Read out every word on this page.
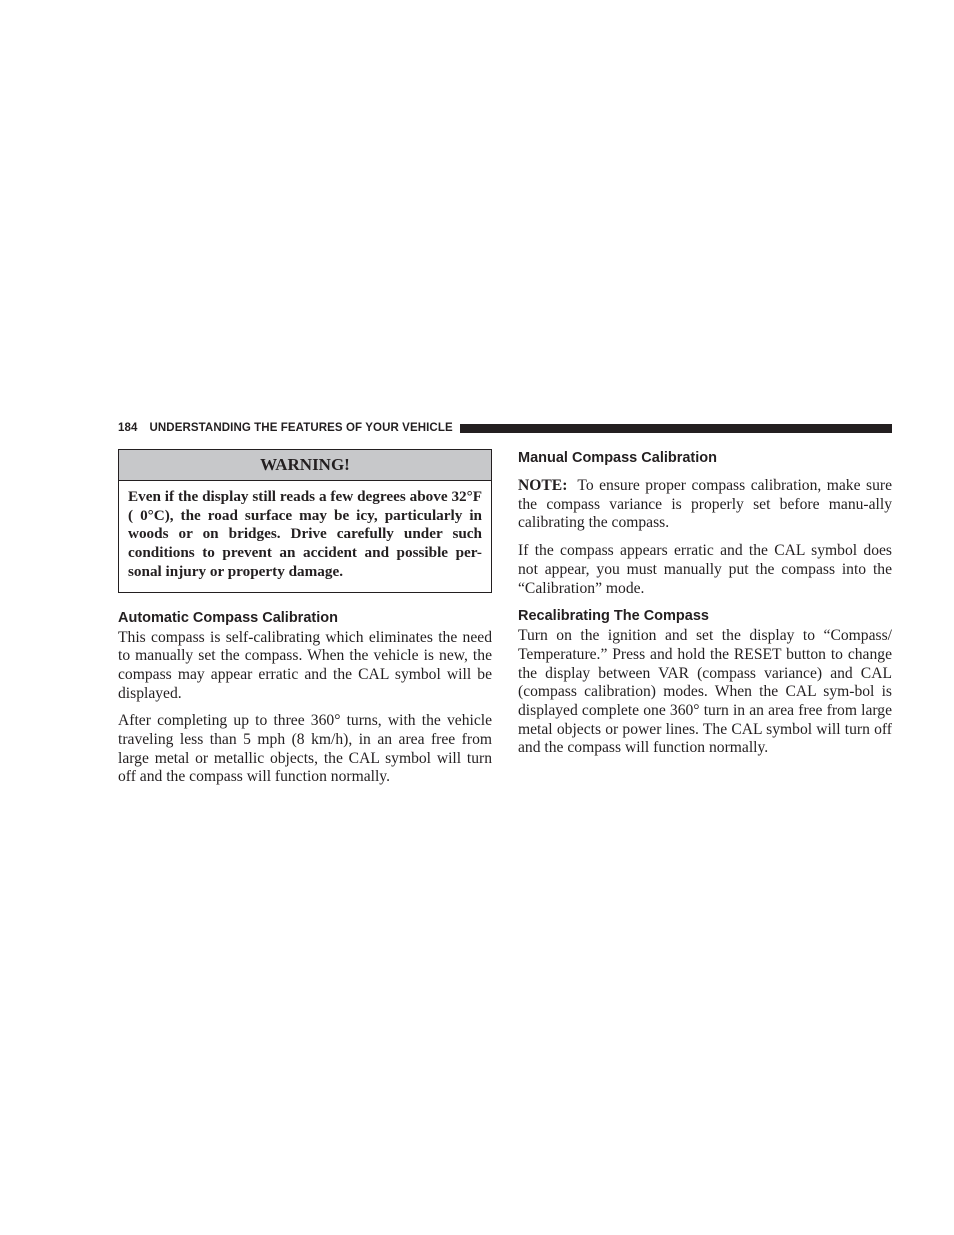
184 UNDERSTANDING THE FEATURES OF YOUR VEHICLE
WARNING!
Even if the display still reads a few degrees above 32°F ( 0°C), the road surface may be icy, particularly in woods or on bridges. Drive carefully under such conditions to prevent an accident and possible per-sonal injury or property damage.
Automatic Compass Calibration

This compass is self-calibrating which eliminates the need to manually set the compass. When the vehicle is new, the compass may appear erratic and the CAL symbol will be displayed.

After completing up to three 360° turns, with the vehicle traveling less than 5 mph (8 km/h), in an area free from large metal or metallic objects, the CAL symbol will turn off and the compass will function normally.

Manual Compass Calibration

NOTE: To ensure proper compass calibration, make sure the compass variance is properly set before manu-ally calibrating the compass.

If the compass appears erratic and the CAL symbol does not appear, you must manually put the compass into the “Calibration” mode.

Recalibrating The Compass

Turn on the ignition and set the display to “Compass/ Temperature.” Press and hold the RESET button to change the display between VAR (compass variance) and CAL (compass calibration) modes. When the CAL sym-bol is displayed complete one 360° turn in an area free from large metal objects or power lines. The CAL symbol will turn off and the compass will function normally.
